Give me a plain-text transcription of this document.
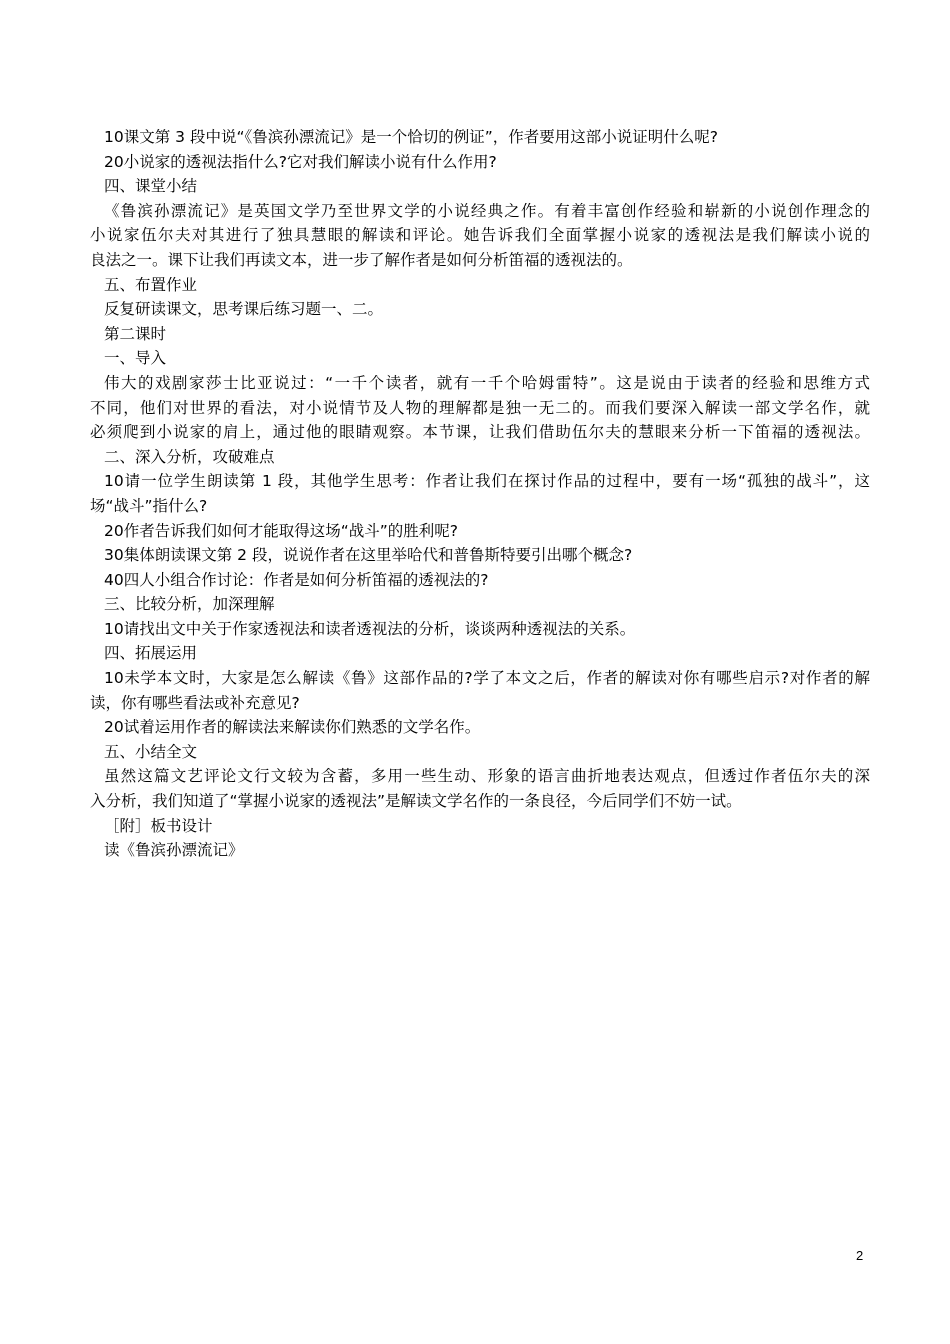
10课文第 3 段中说“《鲁滨孙漂流记》是一个恰切的例证”，作者要用这部小说证明什么呢?
20小说家的透视法指什么?它对我们解读小说有什么作用?
四、课堂小结
《鲁滨孙漂流记》是英国文学乃至世界文学的小说经典之作。有着丰富创作经验和崭新的小说创作理念的
小说家伍尔夫对其进行了独具慧眼的解读和评论。她告诉我们全面掌握小说家的透视法是我们解读小说的
良法之一。课下让我们再读文本，进一步了解作者是如何分析笛福的透视法的。
五、布置作业
反复研读课文，思考课后练习题一、二。
第二课时
一、导入
伟大的戏剧家莎士比亚说过：“一千个读者，就有一千个哈姆雷特”。这是说由于读者的经验和思维方式
不同，他们对世界的看法，对小说情节及人物的理解都是独一无二的。而我们要深入解读一部文学名作，就
必须爬到小说家的肩上，通过他的眼睛观察。本节课，让我们借助伍尔夫的慧眼来分析一下笛福的透视法。
二、深入分析，攻破难点
10请一位学生朗读第 1 段，其他学生思考：作者让我们在探讨作品的过程中，要有一场“孤独的战斗”，这
场“战斗”指什么?
20作者告诉我们如何才能取得这场“战斗”的胜利呢?
30集体朗读课文第 2 段，说说作者在这里举哈代和普鲁斯特要引出哪个概念?
40四人小组合作讨论：作者是如何分析笛福的透视法的?
三、比较分析，加深理解
10请找出文中关于作家透视法和读者透视法的分析，谈谈两种透视法的关系。
四、拓展运用
10未学本文时，大家是怎么解读《鲁》这部作品的?学了本文之后，作者的解读对你有哪些启示?对作者的解
读，你有哪些看法或补充意见?
20试着运用作者的解读法来解读你们熟悉的文学名作。
五、小结全文
虽然这篇文艺评论文行文较为含蓄，多用一些生动、形象的语言曲折地表达观点，但透过作者伍尔夫的深
入分析，我们知道了“掌握小说家的透视法”是解读文学名作的一条良径，今后同学们不妨一试。
［附］板书设计
读《鲁滨孙漂流记》
2
